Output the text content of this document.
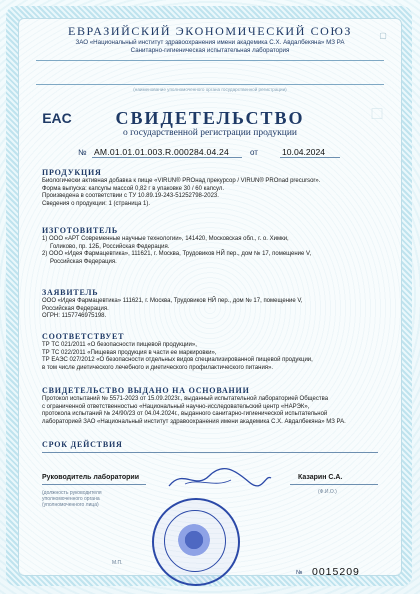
ЕВРАЗИЙСКИЙ ЭКОНОМИЧЕСКИЙ СОЮЗ	▢
ЗАО «Национальный институт здравоохранения имени академика С.Х. Авдалбекяна» МЗ РА
Санитарно-гигиеническая испытательная лаборатория
(наименование уполномоченного органа государственной регистрации)
EAC	□
СВИДЕТЕЛЬСТВО
о государственной регистрации продукции
№ AM.01.01.01.003.R.000284.04.24	от	10.04.2024
ПРОДУКЦИЯ
Биологически активная добавка к пище «VIRUN® PROнад прекурсор / VIRUN® PROnad precursor».
Форма выпуска: капсулы массой 0,82 г в упаковке 30 / 60 капсул.
Произведена в соответствии с ТУ 10.89.19-243-51252798-2023.
Сведения о продукции: 1 (страница 1).
ИЗГОТОВИТЕЛЬ
1) ООО «АРТ Современные научные технологии», 141420, Московская обл., г. о. Химки,
Голиково, пр. 12Б, Российская Федерация.
2) ООО «Идея Фармацевтика», 111621, г. Москва, Трудовиков НЙ пер., дом № 17, помещение V,
Российская Федерация.
ЗАЯВИТЕЛЬ
ООО «Идея Фармацевтика» 111621, г. Москва, Трудовиков НЙ пер., дом № 17, помещение V,
Российская Федерация.
ОГРН: 1157746975198.
СООТВЕТСТВУЕТ
ТР ТС 021/2011 «О безопасности пищевой продукции»,
ТР ТС 022/2011 «Пищевая продукция в части ее маркировки»,
ТР ЕАЭС 027/2012 «О безопасности отдельных видов специализированной пищевой продукции,
в том числе диетического лечебного и диетического профилактического питания».
СВИДЕТЕЛЬСТВО ВЫДАНО НА ОСНОВАНИИ
Протокол испытаний № 5571-2023 от 15.09.2023г., выданный испытательной лабораторией Общества
с ограниченной ответственностью «Национальный научно-исследовательский центр «НАРЭК»,
протокола испытаний № 24/90/23 от 04.04.2024г., выданного санитарно-гигиенической испытательной
лабораторией ЗАО «Национальный институт здравоохранения имени академика С.Х. Авдалбекяна» МЗ РА.
СРОК ДЕЙСТВИЯ
Руководитель лаборатории
(должность руководителя
уполномоченного органа
(уполномоченного лица)
Казарин С.А.
(Ф.И.О.)
М.П.
№ 0015209
